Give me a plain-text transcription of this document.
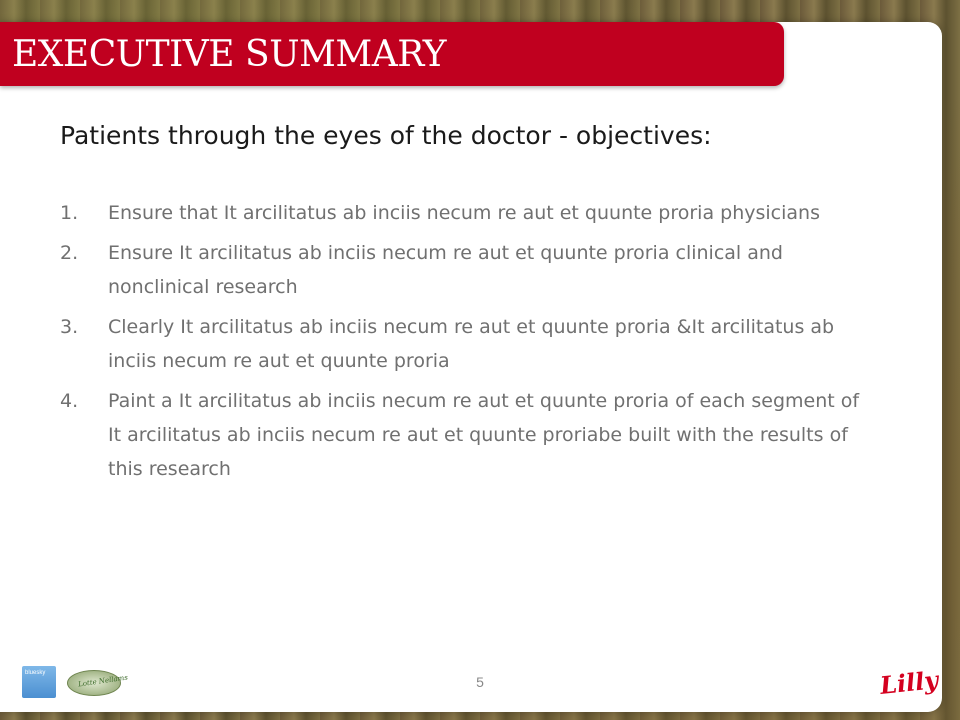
EXECUTIVE SUMMARY
Patients through the eyes of the doctor - objectives:
1. Ensure that It arcilitatus ab inciis necum re aut et quunte proria physicians
2. Ensure It arcilitatus ab inciis necum re aut et quunte proria clinical and nonclinical research
3. Clearly It arcilitatus ab inciis necum re aut et quunte proria &It arcilitatus ab inciis necum re aut et quunte proria
4. Paint a It arcilitatus ab inciis necum re aut et quunte proria of each segment of It arcilitatus ab inciis necum re aut et quunte proriabe built with the results of this research
5
bluesky
Lotte Nellams	Lilly
